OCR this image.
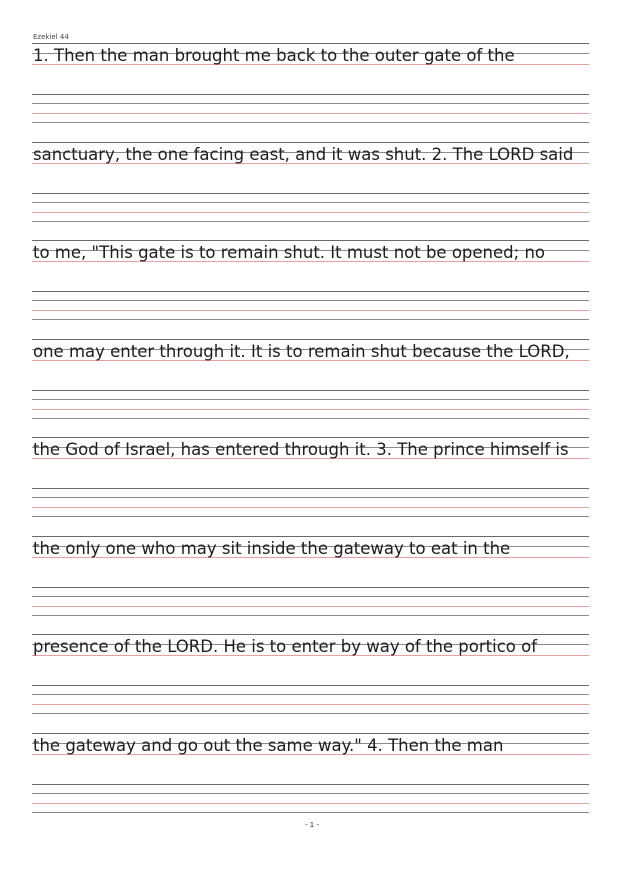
Ezekiel 44
1. Then the man brought me back to the outer gate of the
sanctuary, the one facing east, and it was shut. 2. The LORD said
to me, "This gate is to remain shut. It must not be opened; no
one may enter through it. It is to remain shut because the LORD,
the God of Israel, has entered through it. 3. The prince himself is
the only one who may sit inside the gateway to eat in the
presence of the LORD. He is to enter by way of the portico of
the gateway and go out the same way." 4. Then the man
- 1 -
